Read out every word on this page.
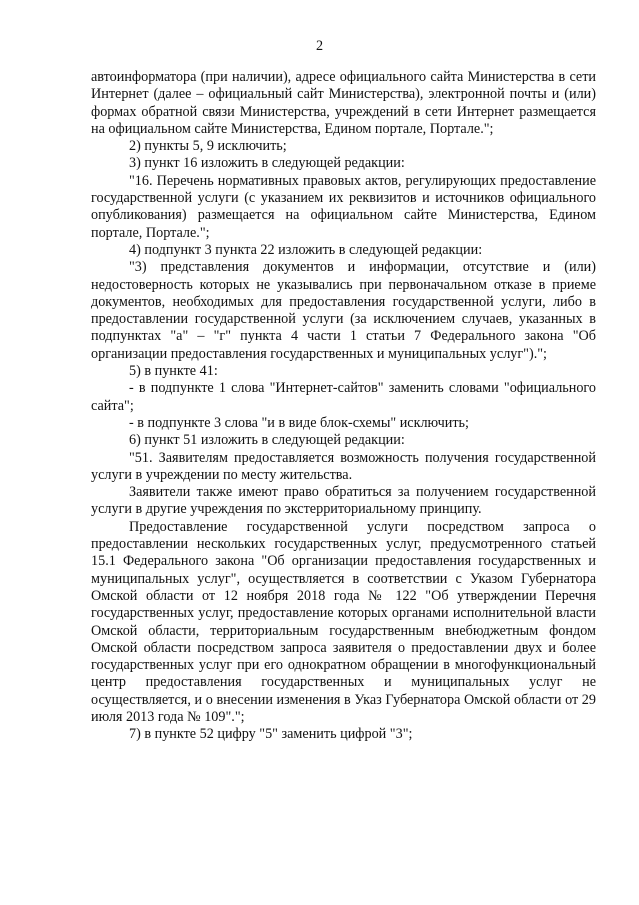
2

автоинформатора (при наличии), адресе официального сайта Министерства в сети Интернет (далее – официальный сайт Министерства), электронной почты и (или) формах обратной связи Министерства, учреждений в сети Интернет размещается на официальном сайте Министерства, Едином портале, Портале.";

2) пункты 5, 9 исключить;

3) пункт 16 изложить в следующей редакции:

"16. Перечень нормативных правовых актов, регулирующих предоставление государственной услуги (с указанием их реквизитов и источников официального опубликования) размещается на официальном сайте Министерства, Едином портале, Портале.";

4) подпункт 3 пункта 22 изложить в следующей редакции:

"3) представления документов и информации, отсутствие и (или) недостоверность которых не указывались при первоначальном отказе в приеме документов, необходимых для предоставления государственной услуги, либо в предоставлении государственной услуги (за исключением случаев, указанных в подпунктах "а" – "г" пункта 4 части 1 статьи 7 Федерального закона "Об организации предоставления государственных и муниципальных услуг").";

5) в пункте 41:

- в подпункте 1 слова "Интернет-сайтов" заменить словами "официального сайта";

- в подпункте 3 слова "и в виде блок-схемы" исключить;

6) пункт 51 изложить в следующей редакции:

"51. Заявителям предоставляется возможность получения государственной услуги в учреждении по месту жительства.

Заявители также имеют право обратиться за получением государственной услуги в другие учреждения по экстерриториальному принципу.

Предоставление государственной услуги посредством запроса о предоставлении нескольких государственных услуг, предусмотренного статьей 15.1 Федерального закона "Об организации предоставления государственных и муниципальных услуг", осуществляется в соответствии с Указом Губернатора Омской области от 12 ноября 2018 года № 122 "Об утверждении Перечня государственных услуг, предоставление которых органами исполнительной власти Омской области, территориальным государственным внебюджетным фондом Омской области посредством запроса заявителя о предоставлении двух и более государственных услуг при его однократном обращении в многофункциональный центр предоставления государственных и муниципальных услуг не осуществляется, и о внесении изменения в Указ Губернатора Омской области от 29 июля 2013 года № 109".";

7) в пункте 52 цифру "5" заменить цифрой "3";
